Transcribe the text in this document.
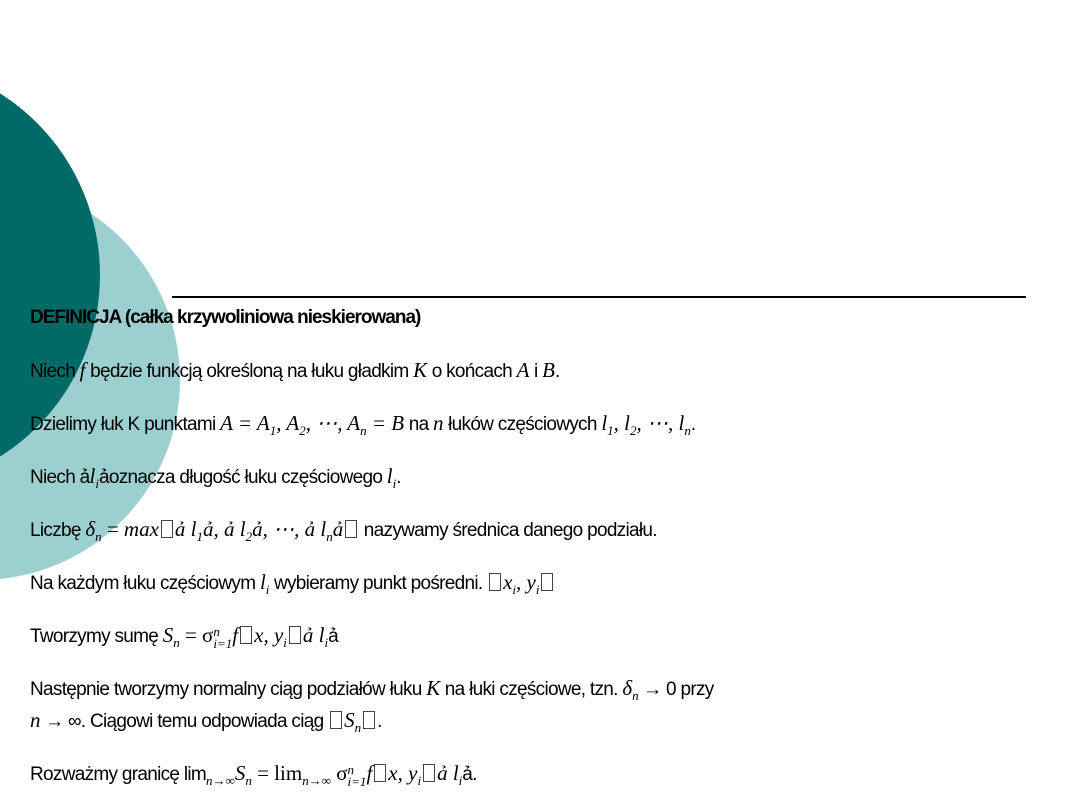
DEFINICJA (całka krzywoliniowa nieskierowana)
Niech f będzie funkcją określoną na łuku gładkim K o końcach A i B.
Dzielimy łuk K punktami $A = A_1$, $A_2$, ⋯, $A_n = B$ na n łuków częściowych $l_1$, $l_2$, ⋯, $l_n$.
Niech ảl$_i$ảoznacza długość łuku częściowego $l_i$.
Liczbę $\delta_n = \max$ ả $l_1ả$, ả $l_2ả$, ⋯, ả $l_nả$ nazywamy średnica danego podziału.
Na każdym łuku częściowym $l_i$ wybieramy punkt pośredni. $x_i$, $y_i$
Tworzymy sumę $S_n = \sigma$ n
i=1 f x, $y_i$ ả $l_iả$
Następnie tworzymy normalny ciąg podziałów łuku K na łuki częściowe, tzn. $\delta_n \to 0$ przy
n → ∞. Ciągowi temu odpowiada ciąg $S_n$ .
Rozważmy granicę $\lim_{n\to\infty}S_n = \lim_{n\to\infty} \sigma$ n
i=1 f x, $y_i$ ả $l_iả$.
